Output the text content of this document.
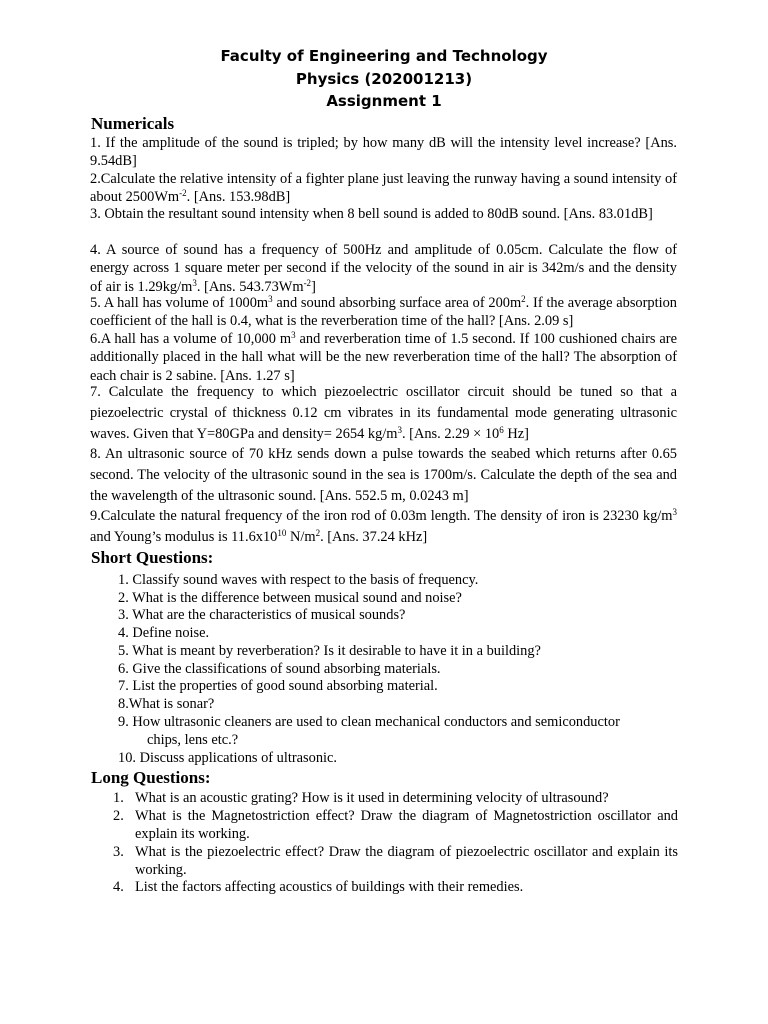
Faculty of Engineering and Technology
Physics (202001213)
Assignment 1
Numericals
1. If the amplitude of the sound is tripled; by how many dB will the intensity level increase? [Ans. 9.54dB]
2.Calculate the relative intensity of a fighter plane just leaving the runway having a sound intensity of about $2500Wm^{-2}$. [Ans. 153.98dB]
3. Obtain the resultant sound intensity when 8 bell sound is added to 80dB sound. [Ans. 83.01dB]
4. A source of sound has a frequency of 500Hz and amplitude of 0.05cm. Calculate the flow of energy across 1 square meter per second if the velocity of the sound in air is 342m/s and the density of air is $1.29kg/m^3$. [Ans. $543.73Wm^{-2}$]
5. A hall has volume of $1000m^3$ and sound absorbing surface area of $200m^2$. If the average absorption coefficient of the hall is 0.4, what is the reverberation time of the hall? [Ans. 2.09 s]
6.A hall has a volume of 10,000 $m^3$ and reverberation time of 1.5 second. If 100 cushioned chairs are additionally placed in the hall what will be the new reverberation time of the hall? The absorption of each chair is 2 sabine. [Ans. 1.27 s]
7. Calculate the frequency to which piezoelectric oscillator circuit should be tuned so that a piezoelectric crystal of thickness 0.12 cm vibrates in its fundamental mode generating ultrasonic waves. Given that Y=80GPa and density= 2654 $kg/m^3$. [Ans. $2.29 \times 10^6$ Hz]
8. An ultrasonic source of 70 kHz sends down a pulse towards the seabed which returns after 0.65 second. The velocity of the ultrasonic sound in the sea is 1700m/s. Calculate the depth of the sea and the wavelength of the ultrasonic sound. [Ans. 552.5 m, 0.0243 m]
9.Calculate the natural frequency of the iron rod of 0.03m length. The density of iron is 23230 $kg/m^3$ and Young’s modulus is $11.6x10^{10}$ $N/m^2$. [Ans. 37.24 kHz]
Short Questions:
1. Classify sound waves with respect to the basis of frequency.
2. What is the difference between musical sound and noise?
3. What are the characteristics of musical sounds?
4. Define noise.
5. What is meant by reverberation? Is it desirable to have it in a building?
6. Give the classifications of sound absorbing materials.
7. List the properties of good sound absorbing material.
8.What is sonar?
9. How ultrasonic cleaners are used to clean mechanical conductors and semiconductor
chips, lens etc.?
10. Discuss applications of ultrasonic.
Long Questions:
1. What is an acoustic grating? How is it used in determining velocity of ultrasound?
2. What is the Magnetostriction effect? Draw the diagram of Magnetostriction oscillator and explain its working.
3. What is the piezoelectric effect? Draw the diagram of piezoelectric oscillator and explain its working.
4. List the factors affecting acoustics of buildings with their remedies.
